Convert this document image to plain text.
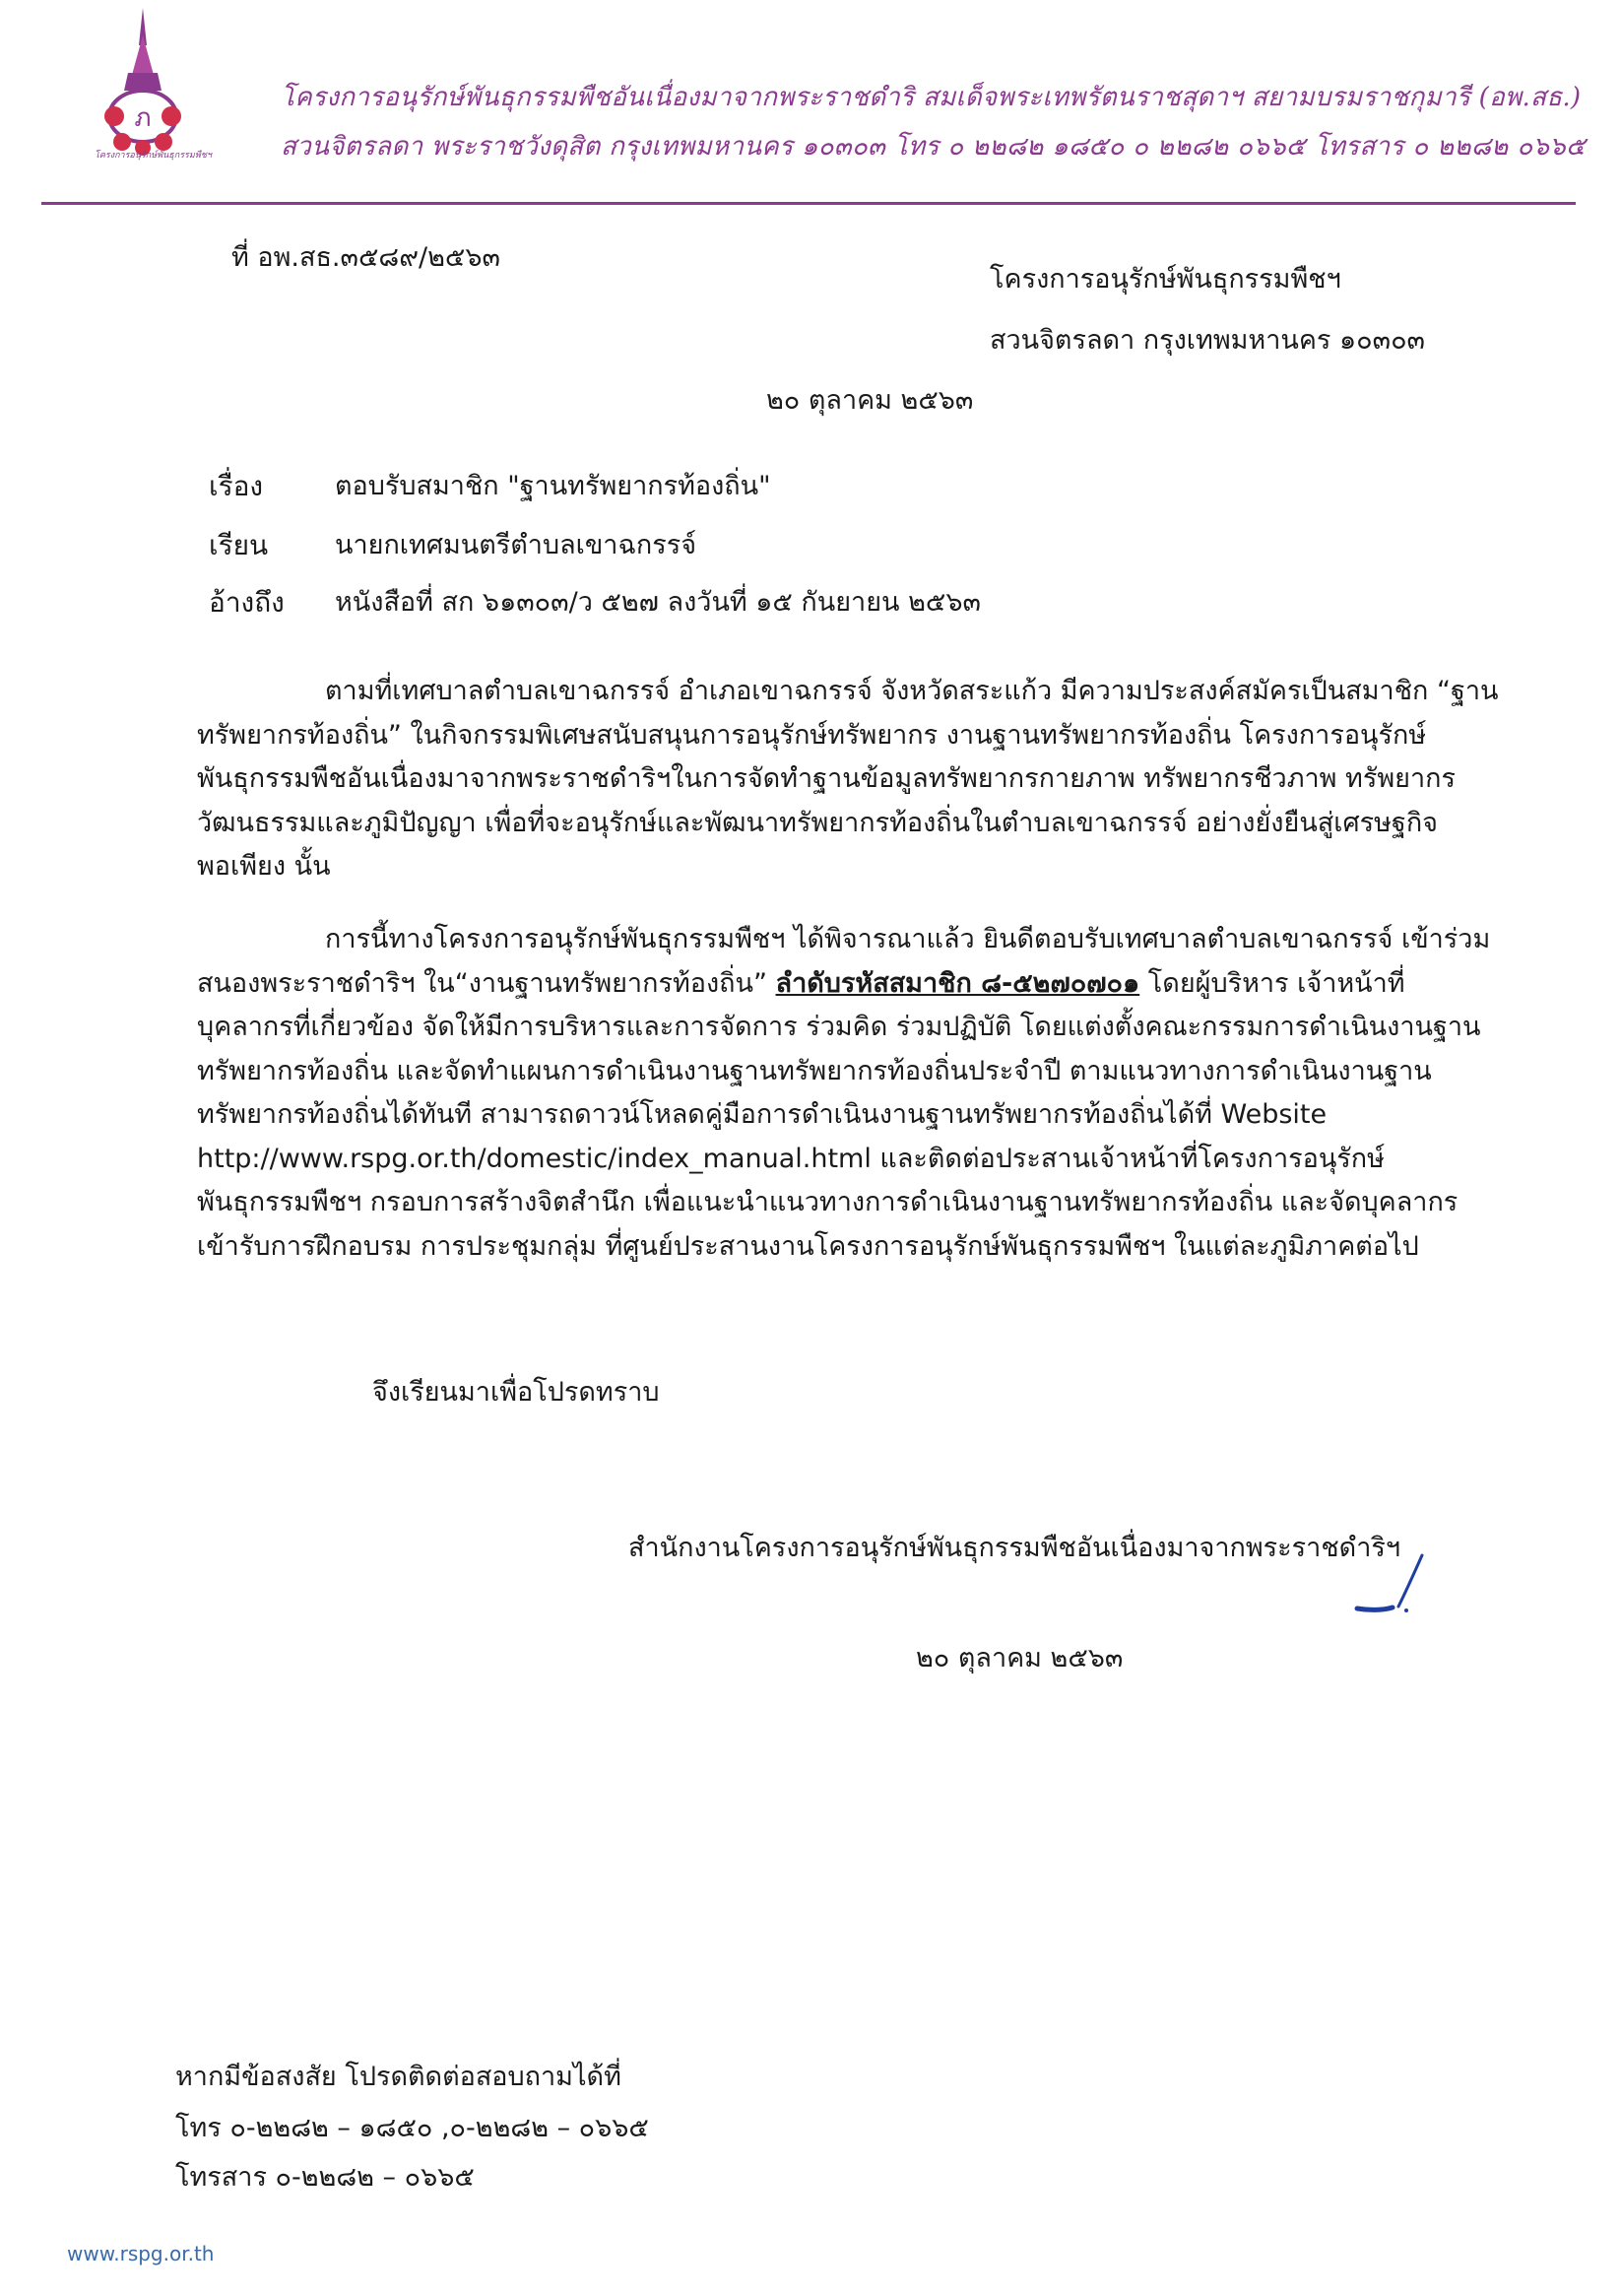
ภ
โครงการอนุรักษ์พันธุกรรมพืชฯ
โครงการอนุรักษ์พันธุกรรมพืชอันเนื่องมาจากพระราชดำริ สมเด็จพระเทพรัตนราชสุดาฯ สยามบรมราชกุมารี (อพ.สธ.)
สวนจิตรลดา พระราชวังดุสิต กรุงเทพมหานคร ๑๐๓๐๓ โทร ๐ ๒๒๘๒ ๑๘๕๐ ๐ ๒๒๘๒ ๐๖๖๕ โทรสาร ๐ ๒๒๘๒ ๐๖๖๕
ที่ อพ.สธ.๓๕๘๙/๒๕๖๓
โครงการอนุรักษ์พันธุกรรมพืชฯ
สวนจิตรลดา กรุงเทพมหานคร ๑๐๓๐๓
๒๐ ตุลาคม ๒๕๖๓
เรื่อง	ตอบรับสมาชิก "ฐานทรัพยากรท้องถิ่น"
เรียน	นายกเทศมนตรีตำบลเขาฉกรรจ์
อ้างถึง หนังสือที่ สก ๖๑๓๐๓/ว ๕๒๗ ลงวันที่ ๑๕ กันยายน ๒๕๖๓
ตามที่เทศบาลตำบลเขาฉกรรจ์ อำเภอเขาฉกรรจ์ จังหวัดสระแก้ว มีความประสงค์สมัครเป็นสมาชิก “ฐาน
ทรัพยากรท้องถิ่น” ในกิจกรรมพิเศษสนับสนุนการอนุรักษ์ทรัพยากร งานฐานทรัพยากรท้องถิ่น โครงการอนุรักษ์
พันธุกรรมพืชอันเนื่องมาจากพระราชดำริฯในการจัดทำฐานข้อมูลทรัพยากรกายภาพ ทรัพยากรชีวภาพ ทรัพยากร
วัฒนธรรมและภูมิปัญญา เพื่อที่จะอนุรักษ์และพัฒนาทรัพยากรท้องถิ่นในตำบลเขาฉกรรจ์ อย่างยั่งยืนสู่เศรษฐกิจ
พอเพียง นั้น
การนี้ทางโครงการอนุรักษ์พันธุกรรมพืชฯ ได้พิจารณาแล้ว ยินดีตอบรับเทศบาลตำบลเขาฉกรรจ์ เข้าร่วม
สนองพระราชดำริฯ ใน“งานฐานทรัพยากรท้องถิ่น” ลำดับรหัสสมาชิก ๘-๕๒๗๐๗๐๑ โดยผู้บริหาร เจ้าหน้าที่
บุคลากรที่เกี่ยวข้อง จัดให้มีการบริหารและการจัดการ ร่วมคิด ร่วมปฏิบัติ โดยแต่งตั้งคณะกรรมการดำเนินงานฐาน
ทรัพยากรท้องถิ่น และจัดทำแผนการดำเนินงานฐานทรัพยากรท้องถิ่นประจำปี ตามแนวทางการดำเนินงานฐาน
ทรัพยากรท้องถิ่นได้ทันที สามารถดาวน์โหลดคู่มือการดำเนินงานฐานทรัพยากรท้องถิ่นได้ที่ Website
http://www.rspg.or.th/domestic/index_manual.html และติดต่อประสานเจ้าหน้าที่โครงการอนุรักษ์
พันธุกรรมพืชฯ กรอบการสร้างจิตสำนึก เพื่อแนะนำแนวทางการดำเนินงานฐานทรัพยากรท้องถิ่น และจัดบุคลากร
เข้ารับการฝึกอบรม การประชุมกลุ่ม ที่ศูนย์ประสานงานโครงการอนุรักษ์พันธุกรรมพืชฯ ในแต่ละภูมิภาคต่อไป
จึงเรียนมาเพื่อโปรดทราบ
สำนักงานโครงการอนุรักษ์พันธุกรรมพืชอันเนื่องมาจากพระราชดำริฯ
๒๐ ตุลาคม ๒๕๖๓
หากมีข้อสงสัย โปรดติดต่อสอบถามได้ที่
โทร ๐-๒๒๘๒ – ๑๘๕๐ ,๐-๒๒๘๒ – ๐๖๖๕
โทรสาร ๐-๒๒๘๒ – ๐๖๖๕
www.rspg.or.th
